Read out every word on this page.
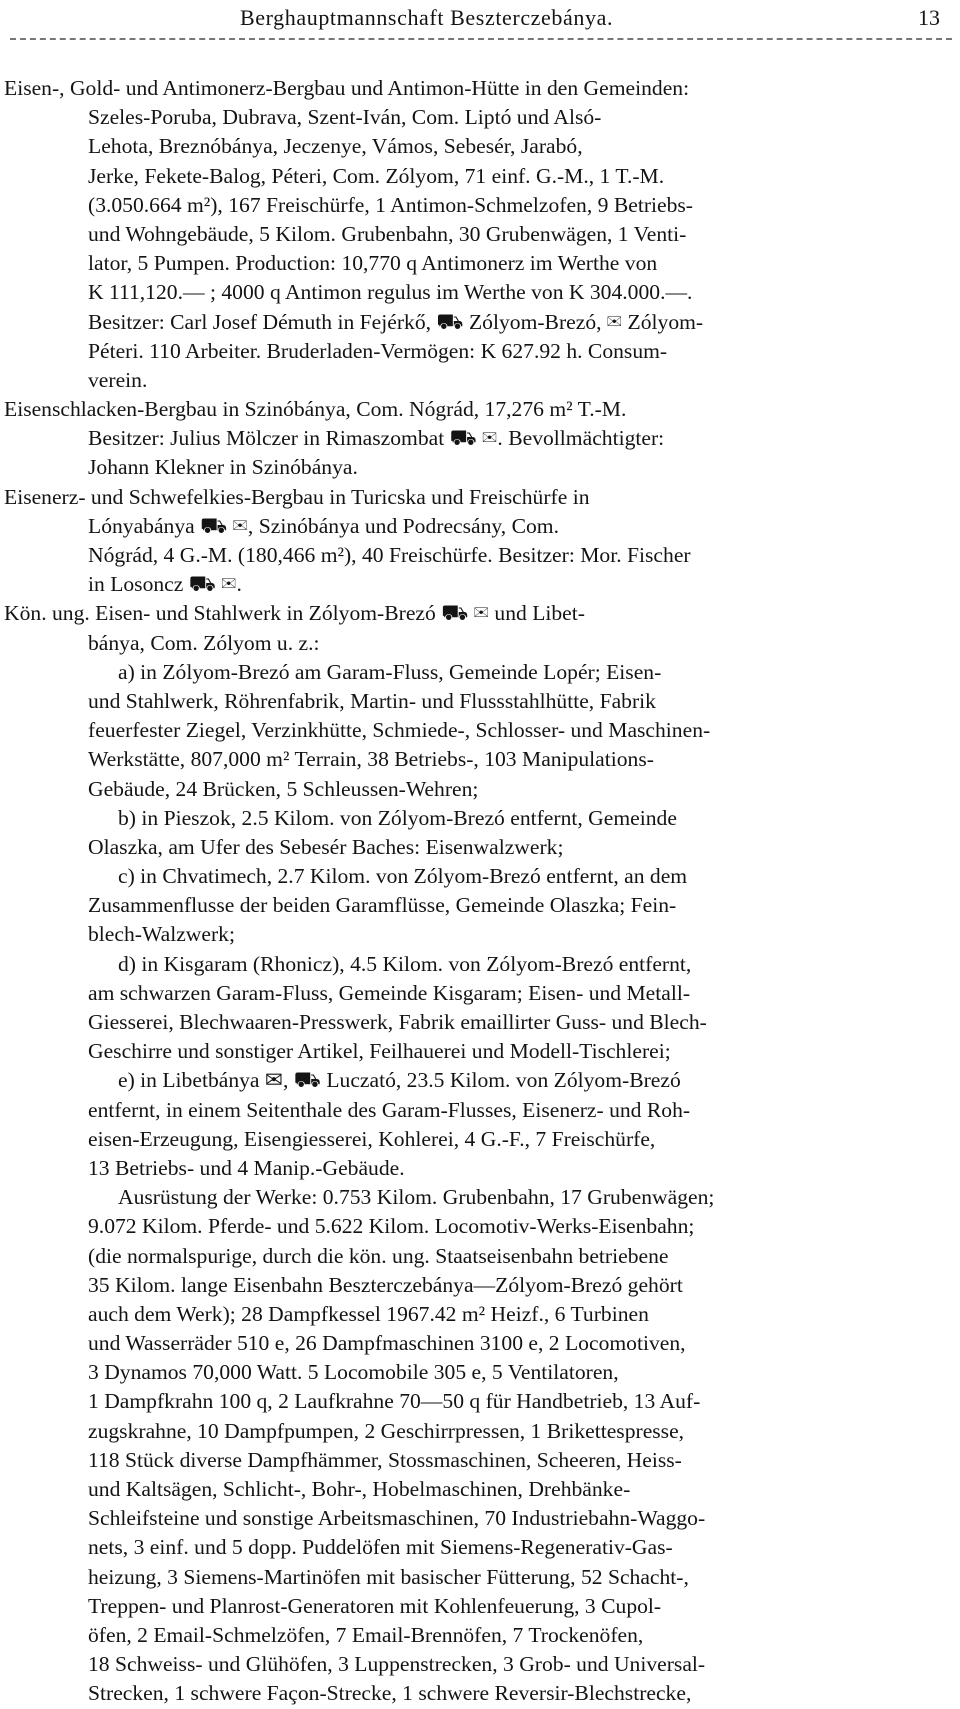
Berghauptmannschaft Beszterczebánya.	13
Eisen-, Gold- und Antimonerz-Bergbau und Antimon-Hütte in den Gemeinden:
Szeles-Poruba, Dubrava, Szent-Iván, Com. Liptó und Alsó-
Lehota, Breznóbánya, Jeczenye, Vámos, Sebesér, Jarabó,
Jerke, Fekete-Balog, Péteri, Com. Zólyom, 71 einf. G.-M., 1 T.-M.
(3.050.664 m²), 167 Freischürfe, 1 Antimon-Schmelzofen, 9 Betriebs-
und Wohngebäude, 5 Kilom. Grubenbahn, 30 Grubenwägen, 1 Venti-
lator, 5 Pumpen. Production: 10,770 q Antimonerz im Werthe von
K 111,120.— ; 4000 q Antimon regulus im Werthe von K 304.000.—.
Besitzer: Carl Josef Démuth in Fejérkő, ⛟ Zólyom-Brezó, ✉ Zólyom-
Péteri. 110 Arbeiter. Bruderladen-Vermögen: K 627.92 h. Consum-
verein.
Eisenschlacken-Bergbau in Szinóbánya, Com. Nógrád, 17,276 m² T.-M.
Besitzer: Julius Mölczer in Rimaszombat ⛟ ✉. Bevollmächtigter:
Johann Klekner in Szinóbánya.
Eisenerz- und Schwefelkies-Bergbau in Turicska und Freischürfe in
Lónyabánya ⛟ ✉, Szinóbánya und Podrecsány, Com.
Nógrád, 4 G.-M. (180,466 m²), 40 Freischürfe. Besitzer: Mor. Fischer
in Losoncz ⛟ ✉.
Kön. ung. Eisen- und Stahlwerk in Zólyom-Brezó ⛟ ✉ und Libet-
bánya, Com. Zólyom u. z.:
a) in Zólyom-Brezó am Garam-Fluss, Gemeinde Lopér; Eisen-
und Stahlwerk, Röhrenfabrik, Martin- und Flussstahlhütte, Fabrik
feuerfester Ziegel, Verzinkhütte, Schmiede-, Schlosser- und Maschinen-
Werkstätte, 807,000 m² Terrain, 38 Betriebs-, 103 Manipulations-
Gebäude, 24 Brücken, 5 Schleussen-Wehren;
b) in Pieszok, 2.5 Kilom. von Zólyom-Brezó entfernt, Gemeinde
Olaszka, am Ufer des Sebesér Baches: Eisenwalzwerk;
c) in Chvatimech, 2.7 Kilom. von Zólyom-Brezó entfernt, an dem
Zusammenflusse der beiden Garamflüsse, Gemeinde Olaszka; Fein-
blech-Walzwerk;
d) in Kisgaram (Rhonicz), 4.5 Kilom. von Zólyom-Brezó entfernt,
am schwarzen Garam-Fluss, Gemeinde Kisgaram; Eisen- und Metall-
Giesserei, Blechwaaren-Presswerk, Fabrik emaillirter Guss- und Blech-
Geschirre und sonstiger Artikel, Feilhauerei und Modell-Tischlerei;
e) in Libetbánya ✉, ⛟ Luczató, 23.5 Kilom. von Zólyom-Brezó
entfernt, in einem Seitenthale des Garam-Flusses, Eisenerz- und Roh-
eisen-Erzeugung, Eisengiesserei, Kohlerei, 4 G.-F., 7 Freischürfe,
13 Betriebs- und 4 Manip.-Gebäude.
Ausrüstung der Werke: 0.753 Kilom. Grubenbahn, 17 Grubenwägen;
9.072 Kilom. Pferde- und 5.622 Kilom. Locomotiv-Werks-Eisenbahn;
(die normalspurige, durch die kön. ung. Staatseisenbahn betriebene
35 Kilom. lange Eisenbahn Beszterczebánya—Zólyom-Brezó gehört
auch dem Werk); 28 Dampfkessel 1967.42 m² Heizf., 6 Turbinen
und Wasserräder 510 e, 26 Dampfmaschinen 3100 e, 2 Locomotiven,
3 Dynamos 70,000 Watt. 5 Locomobile 305 e, 5 Ventilatoren,
1 Dampfkrahn 100 q, 2 Laufkrahne 70—50 q für Handbetrieb, 13 Auf-
zugskrahne, 10 Dampfpumpen, 2 Geschirrpressen, 1 Brikettespresse,
118 Stück diverse Dampfhämmer, Stossmaschinen, Scheeren, Heiss-
und Kaltsägen, Schlicht-, Bohr-, Hobelmaschinen, Drehbänke-
Schleifsteine und sonstige Arbeitsmaschinen, 70 Industriebahn-Waggo-
nets, 3 einf. und 5 dopp. Puddelöfen mit Siemens-Regenerativ-Gas-
heizung, 3 Siemens-Martinöfen mit basischer Fütterung, 52 Schacht-,
Treppen- und Planrost-Generatoren mit Kohlenfeuerung, 3 Cupol-
öfen, 2 Email-Schmelzöfen, 7 Email-Brennöfen, 7 Trockenöfen,
18 Schweiss- und Glühöfen, 3 Luppenstrecken, 3 Grob- und Universal-
Strecken, 1 schwere Façon-Strecke, 1 schwere Reversir-Blechstrecke,
